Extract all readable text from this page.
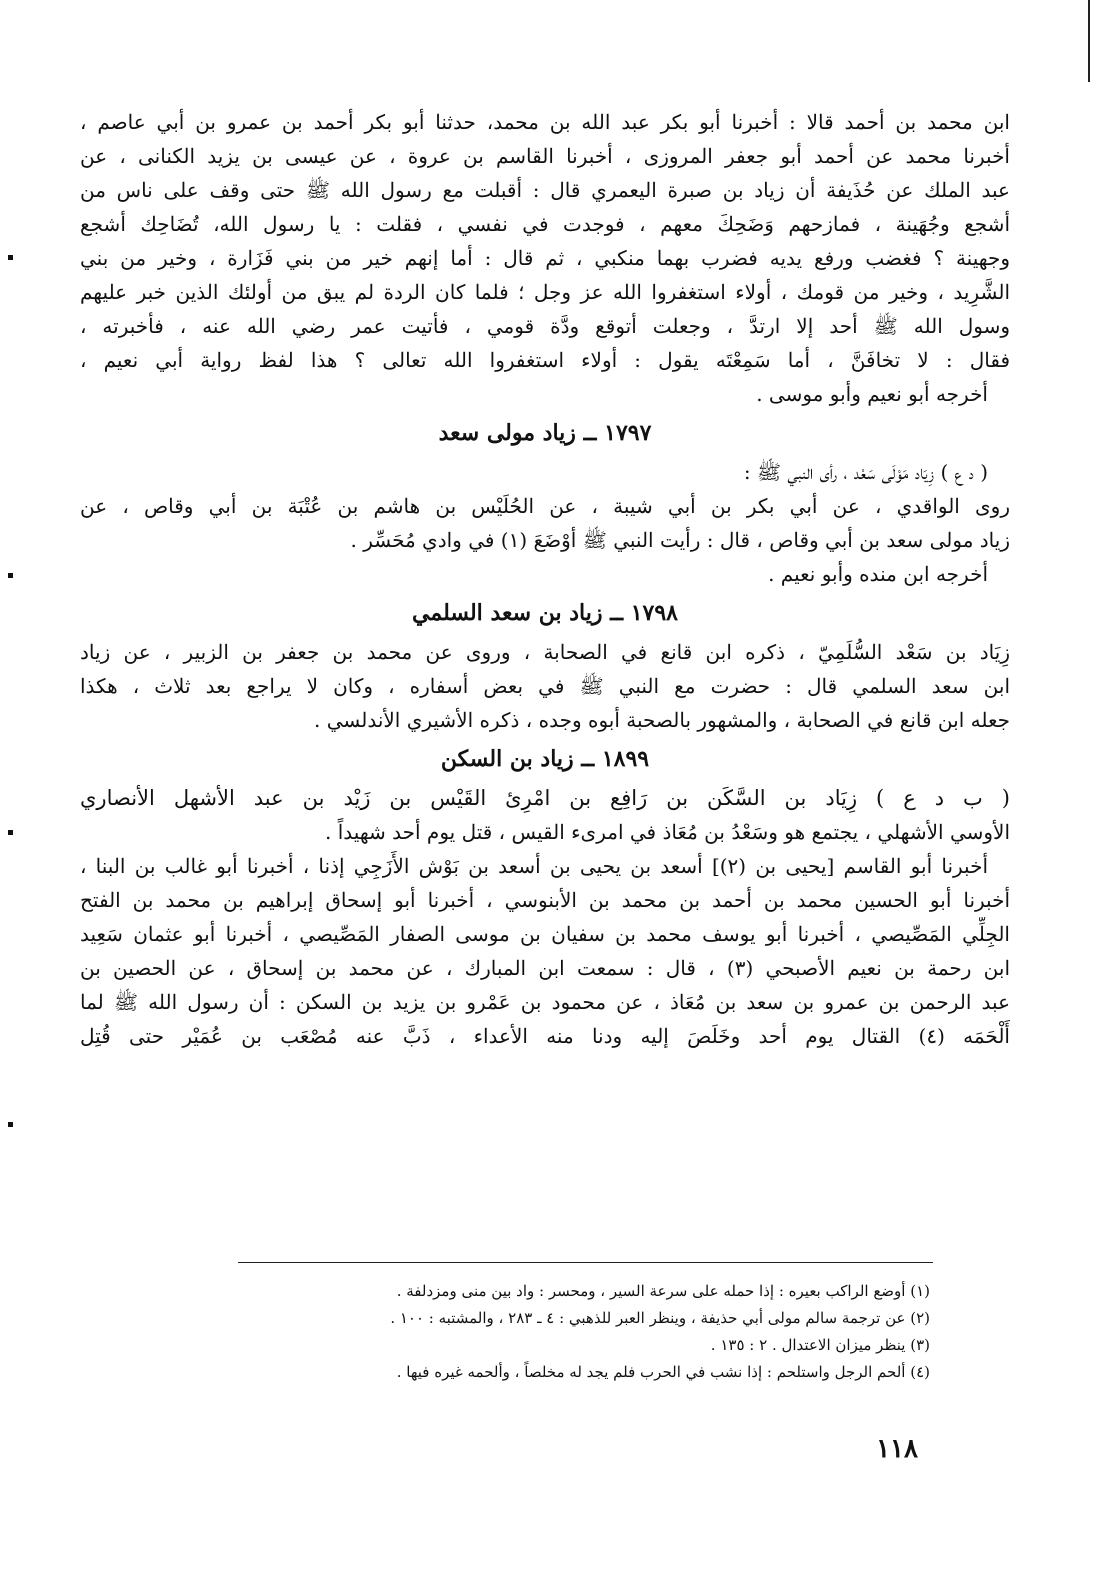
ابن محمد بن أحمد قالا : أخبرنا أبو بكر عبد الله بن محمد، حدثنا أبو بكر أحمد بن عمرو بن أبي عاصم ،
أخبرنا محمد عن أحمد أبو جعفر المروزى ، أخبرنا القاسم بن عروة ، عن عيسى بن يزيد الكنانى ، عن
عبد الملك عن حُذَيفة أن زياد بن صبرة اليعمري قال : أقبلت مع رسول الله ﷺ حتى وقف على ناس من
أشجع وجُهَينة ، فمازحهم وَضَحِكَ معهم ، فوجدت في نفسي ، فقلت : يا رسول الله، تُضَاحِك أشجع
وجهينة ؟ فغضب ورفع يديه فضرب بهما منكبي ، ثم قال : أما إنهم خير من بني فَزَارة ، وخير من بني
الشَّرِيد ، وخير من قومك ، أولاء استغفروا الله عز وجل ؛ فلما كان الردة لم يبق من أولئك الذين خبر عليهم
وسول الله ﷺ أحد إلا ارتدَّ ، وجعلت أتوقع ودَّة قومي ، فأتيت عمر رضي الله عنه ، فأخبرته ،
فقال : لا تخافَنَّ ، أما سَمِعْتَه يقول : أولاء استغفروا الله تعالى ؟ هذا لفظ رواية أبي نعيم ،
أخرجه أبو نعيم وأبو موسى .
١٧٩٧ ــ زياد مولى سعد
( د ع ) زِيَاد مَوْلَى سَعْد ، رأى النبي ﷺ :
روى الواقدي ، عن أبي بكر بن أبي شيبة ، عن الحُلَيْس بن هاشم بن عُتْبَة بن أبي وقاص ، عن
زياد مولى سعد بن أبي وقاص ، قال : رأيت النبي ﷺ أوْضَعَ (١) في وادي مُحَسِّر .
أخرجه ابن منده وأبو نعيم .
١٧٩٨ ــ زياد بن سعد السلمي
زِيَاد بن سَعْد السُّلَمِيّ ، ذكره ابن قانع في الصحابة ، وروى عن محمد بن جعفر بن الزبير ، عن زياد
ابن سعد السلمي قال : حضرت مع النبي ﷺ في بعض أسفاره ، وكان لا يراجع بعد ثلاث ، هكذا
جعله ابن قانع في الصحابة ، والمشهور بالصحبة أبوه وجده ، ذكره الأشيري الأندلسي .
١٨٩٩ ــ زياد بن السكن
( ب د ع ) زِيَاد بن السَّكَن بن رَافِع بن امْرِئ القَيْس بن زَيْد بن عبد الأشهل الأنصاري
الأوسي الأشهلي ، يجتمع هو وسَعْدُ بن مُعَاذ في امرىء القيس ، قتل يوم أحد شهيداً .
أخبرنا أبو القاسم [يحيى بن (٢)] أسعد بن يحيى بن أسعد بن بَوْش الأَزَجِي إذنا ، أخبرنا أبو غالب بن البنا ،
أخبرنا أبو الحسين محمد بن أحمد بن محمد بن الأبنوسي ، أخبرنا أبو إسحاق إبراهيم بن محمد بن الفتح
الجِلِّي المَصِّيصي ، أخبرنا أبو يوسف محمد بن سفيان بن موسى الصفار المَصِّيصي ، أخبرنا أبو عثمان سَعِيد
ابن رحمة بن نعيم الأصبحي (٣) ، قال : سمعت ابن المبارك ، عن محمد بن إسحاق ، عن الحصين بن
عبد الرحمن بن عمرو بن سعد بن مُعَاذ ، عن محمود بن عَمْرو بن يزيد بن السكن : أن رسول الله ﷺ لما
أَلْحَمَه (٤) القتال يوم أحد وخَلَصَ إليه ودنا منه الأعداء ، ذَبَّ عنه مُصْعَب بن عُمَيْر حتى قُتِل
(١) أوضع الراكب بعيره : إذا حمله على سرعة السير ، ومحسر : واد بين منى ومزدلفة .
(٢) عن ترجمة سالم مولى أبي حذيفة ، وينظر العبر للذهبي : ٤ ـ ٢٨٣ ، والمشتبه : ١٠٠ .
(٣) ينظر ميزان الاعتدال . ٢ : ١٣٥ .
(٤) ألحم الرجل واستلحم : إذا نشب في الحرب فلم يجد له مخلصاً ، وألحمه غيره فيها .
١١٨
